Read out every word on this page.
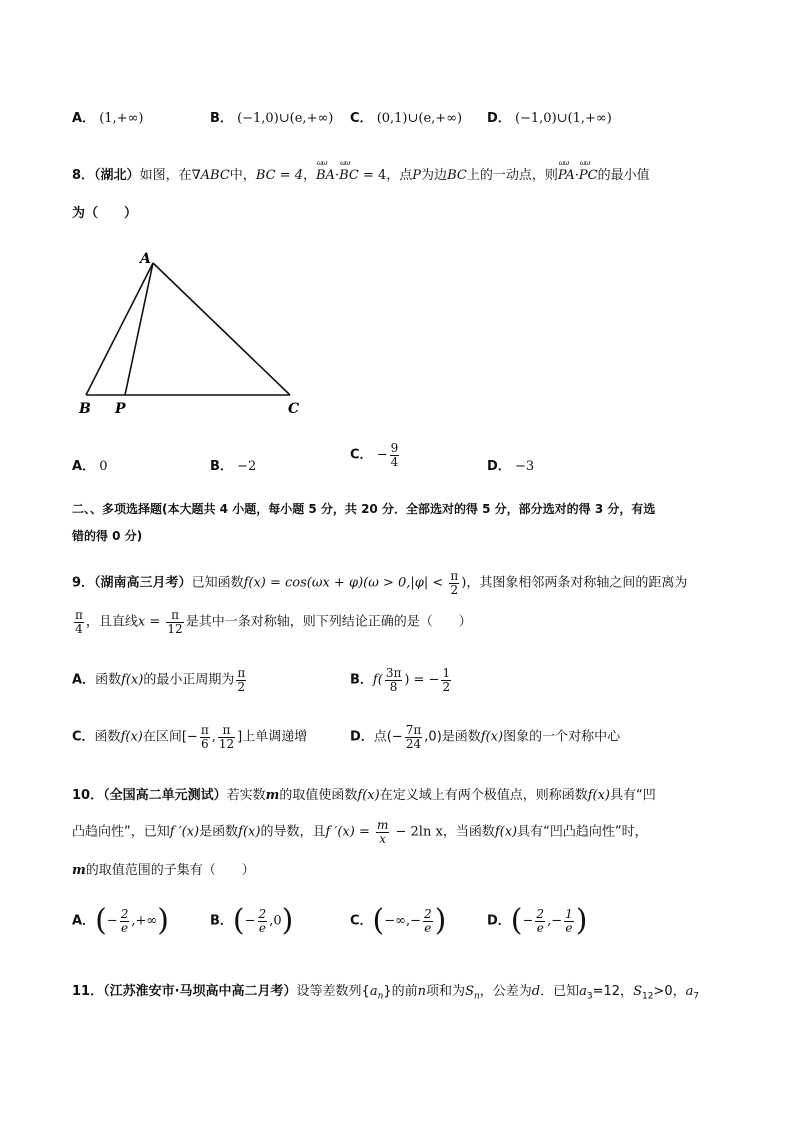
A． (1,+∞)	B． (−1,0)∪(e,+∞) C． (0,1)∪(e,+∞) D． (−1,0)∪(1,+∞)
8．（湖北）如图，在∇ABC中，BC = 4，ωω BA·ωω BC = 4，点P为边BC上的一动点，则ωω PA·ωω PC的最小值
为（　　）
A
B P	C
A． 0	B． −2
C． − $\frac{9}{4}$	D． −3
二、、多项选择题(本大题共 4 小题，每小题 5 分，共 20 分．全部选对的得 5 分，部分选对的得 3 分，有选
错的得 0 分)
9．（湖南高三月考）已知函数$f(x) = \cos(\omega x + \varphi)(\omega > 0,|\varphi| < \frac{\pi}{2}$ )，其图象相邻两条对称轴之间的距离为
$\frac{\pi}{4}$ ，且直线$x = \frac{\pi}{12}$ 是其中一条对称轴，则下列结论正确的是（　　）
A．函数f(x)的最小正周期为 $\frac{\pi}{2}$	B．$f( \frac{3\pi}{8}$ ) = − $\frac{1}{2}$
C．函数f(x)在区间[− $\frac{\pi}{6}$ , $\frac{\pi}{12}$ ]上单调递增	D．点(− $\frac{7\pi}{24} ,0$)是函数f(x)图象的一个对称中心
10．（全国高二单元测试）若实数m的取值使函数f(x)在定义域上有两个极值点，则称函数f(x)具有“凹
凸趋向性”，已知f ′(x)是函数f(x)的导数，且f $'(x) = \frac{m}{x} - 2\ln$ x，当函数f(x)具有“凹凸趋向性”时，
m的取值范围的子集有（　　）
A．(− $\frac{2}{e}$ ,+∞)	B．(− $\frac{2}{e} ,0$)	C．(−∞,− $\frac{2}{e}$ )	D．(− $\frac{2}{e}$ ,− $\frac{1}{e}$ )
11．（江苏淮安市·马坝高中高二月考）设等差数列$\{a_n\}$的前n项和为$S_n$，公差为d．已知$a_3=12$，$S_{12}>0$，$a_7$
